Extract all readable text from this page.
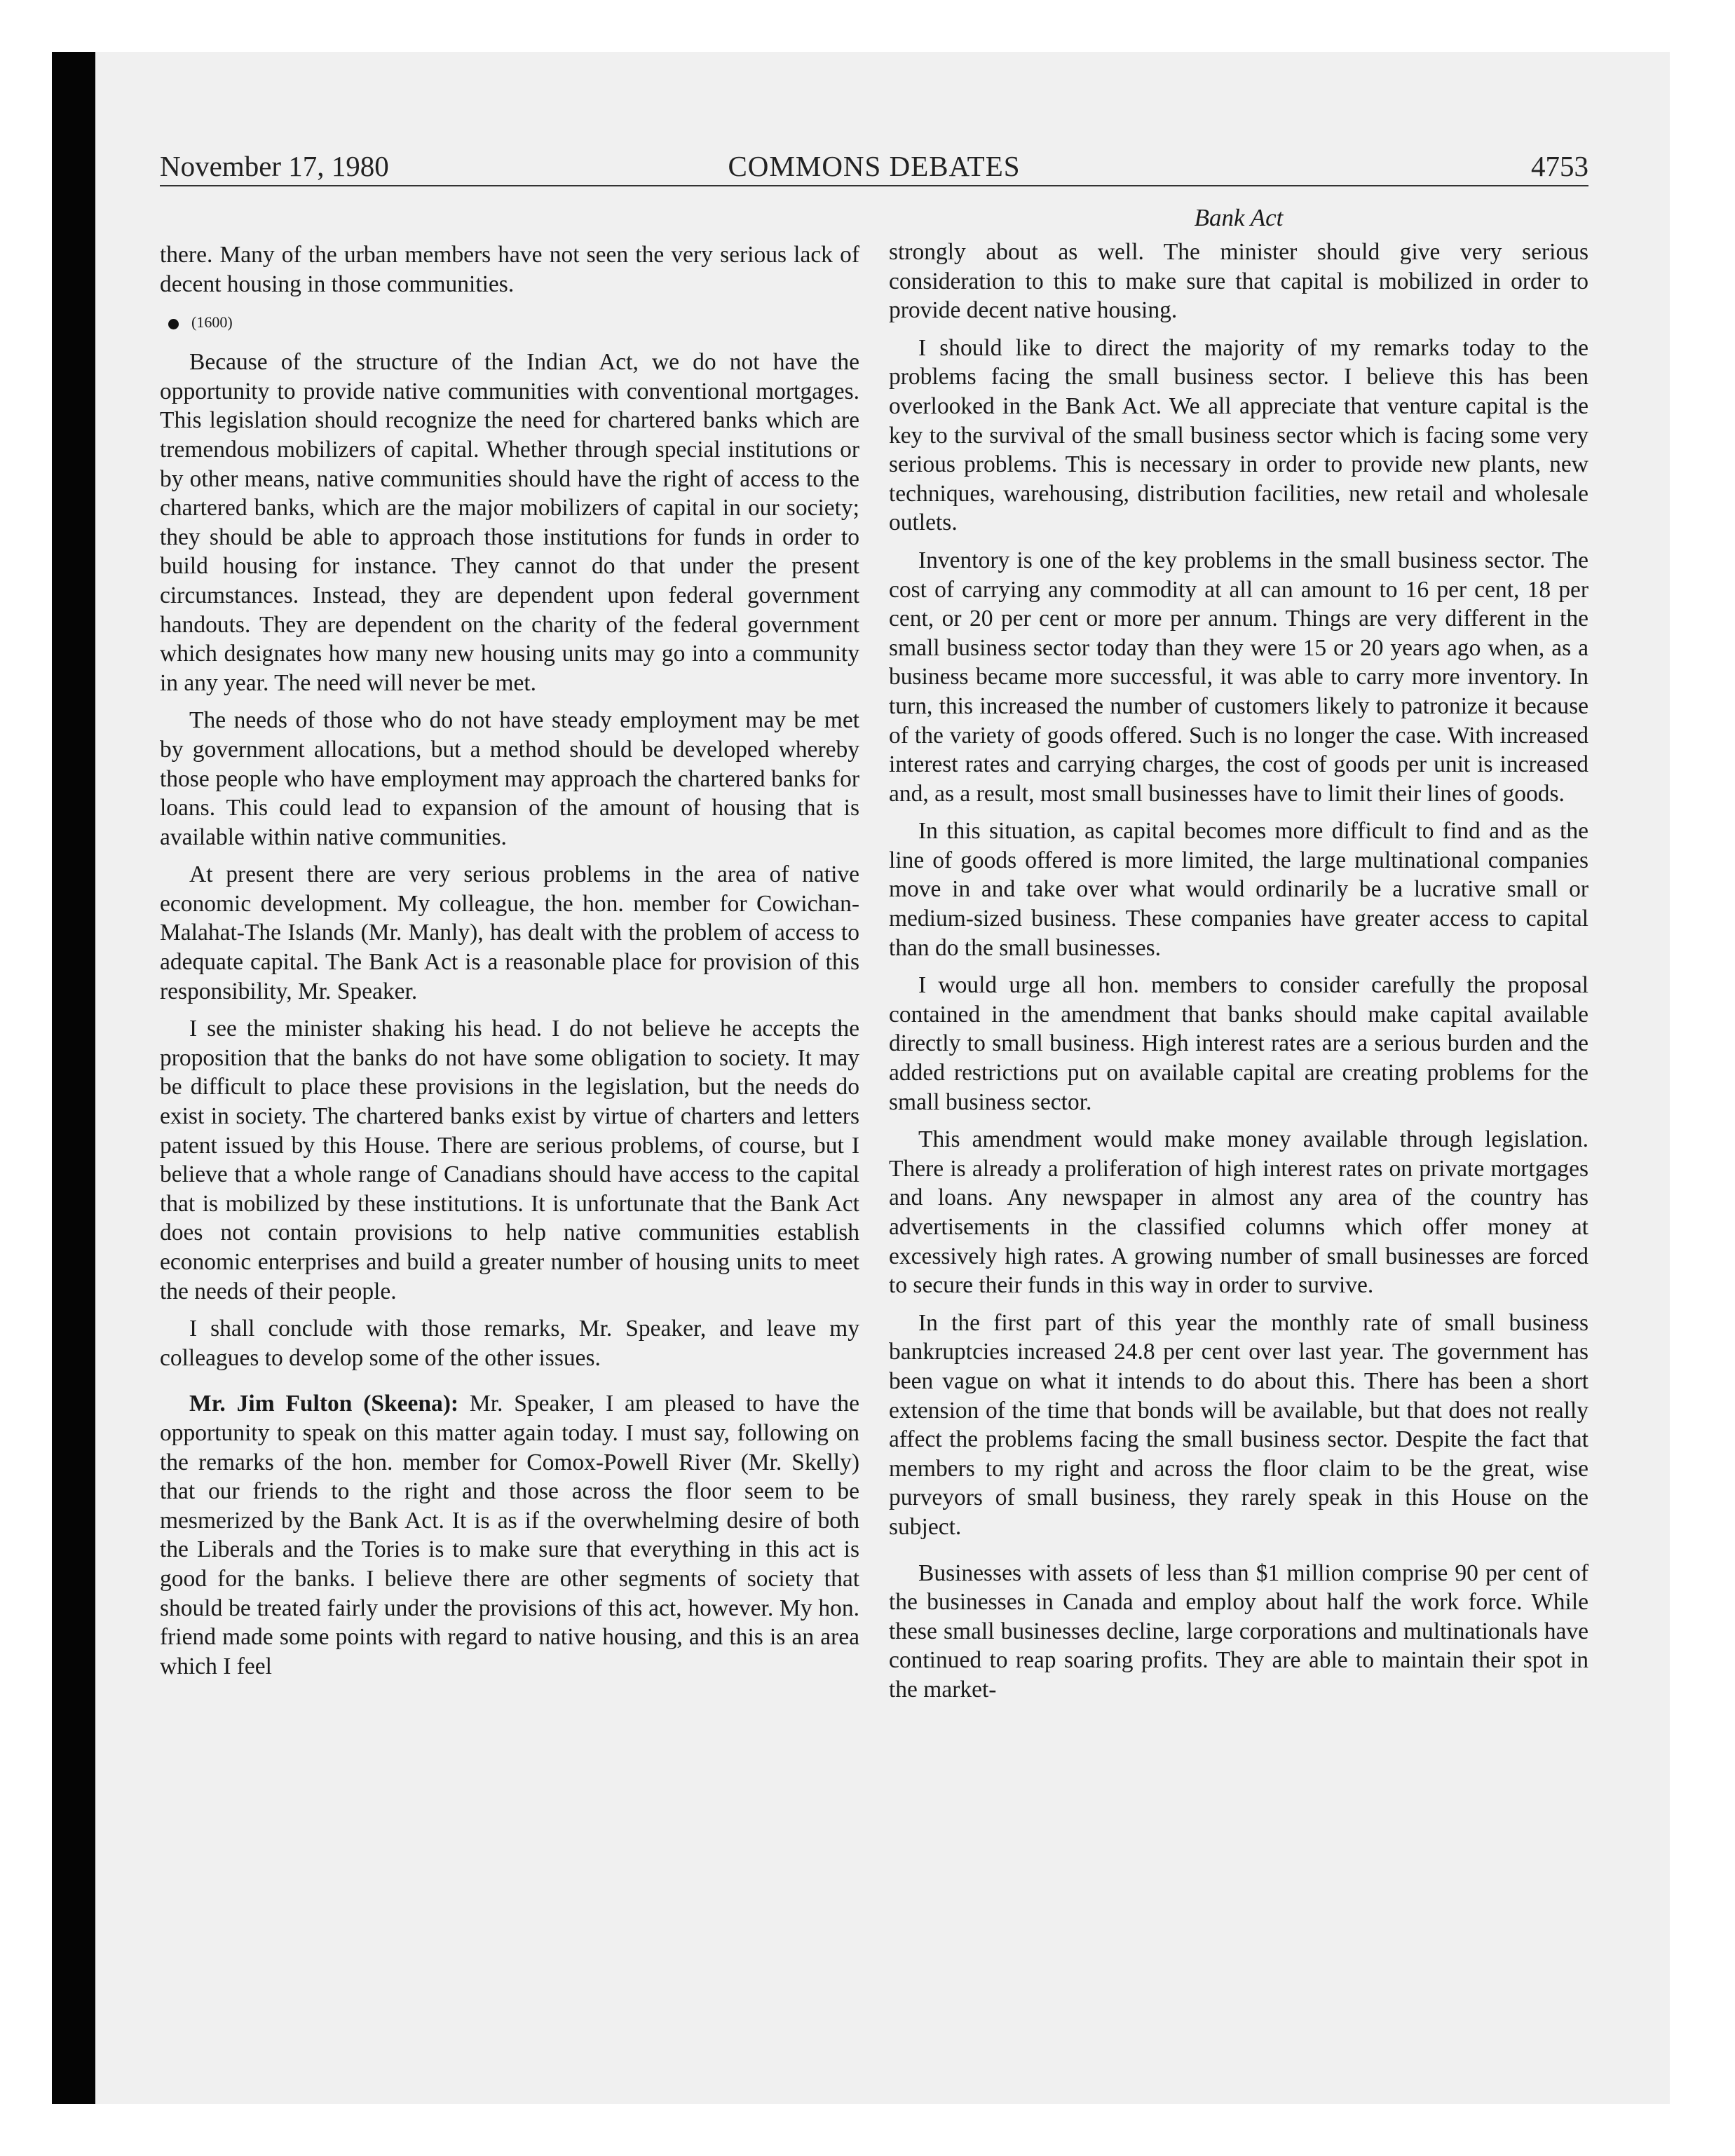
November 17, 1980	COMMONS DEBATES	4753

there. Many of the urban members have not seen the very serious lack of decent housing in those communities.

(1600)

Because of the structure of the Indian Act, we do not have the opportunity to provide native communities with conventional mortgages. This legislation should recognize the need for chartered banks which are tremendous mobilizers of capital. Whether through special institutions or by other means, native communities should have the right of access to the chartered banks, which are the major mobilizers of capital in our society; they should be able to approach those institutions for funds in order to build housing for instance. They cannot do that under the present circumstances. Instead, they are dependent upon federal government handouts. They are dependent on the charity of the federal government which designates how many new housing units may go into a community in any year. The need will never be met.

The needs of those who do not have steady employment may be met by government allocations, but a method should be developed whereby those people who have employment may approach the chartered banks for loans. This could lead to expansion of the amount of housing that is available within native communities.

At present there are very serious problems in the area of native economic development. My colleague, the hon. member for Cowichan-Malahat-The Islands (Mr. Manly), has dealt with the problem of access to adequate capital. The Bank Act is a reasonable place for provision of this responsibility, Mr. Speaker.

I see the minister shaking his head. I do not believe he accepts the proposition that the banks do not have some obligation to society. It may be difficult to place these provisions in the legislation, but the needs do exist in society. The chartered banks exist by virtue of charters and letters patent issued by this House. There are serious problems, of course, but I believe that a whole range of Canadians should have access to the capital that is mobilized by these institutions. It is unfortunate that the Bank Act does not contain provisions to help native communities establish economic enterprises and build a greater number of housing units to meet the needs of their people.

I shall conclude with those remarks, Mr. Speaker, and leave my colleagues to develop some of the other issues.

Mr. Jim Fulton (Skeena): Mr. Speaker, I am pleased to have the opportunity to speak on this matter again today. I must say, following on the remarks of the hon. member for Comox-Powell River (Mr. Skelly) that our friends to the right and those across the floor seem to be mesmerized by the Bank Act. It is as if the overwhelming desire of both the Liberals and the Tories is to make sure that everything in this act is good for the banks. I believe there are other segments of society that should be treated fairly under the provisions of this act, however. My hon. friend made some points with regard to native housing, and this is an area which I feel

Bank Act

strongly about as well. The minister should give very serious consideration to this to make sure that capital is mobilized in order to provide decent native housing.

I should like to direct the majority of my remarks today to the problems facing the small business sector. I believe this has been overlooked in the Bank Act. We all appreciate that venture capital is the key to the survival of the small business sector which is facing some very serious problems. This is necessary in order to provide new plants, new techniques, warehousing, distribution facilities, new retail and wholesale outlets.

Inventory is one of the key problems in the small business sector. The cost of carrying any commodity at all can amount to 16 per cent, 18 per cent, or 20 per cent or more per annum. Things are very different in the small business sector today than they were 15 or 20 years ago when, as a business became more successful, it was able to carry more inventory. In turn, this increased the number of customers likely to patronize it because of the variety of goods offered. Such is no longer the case. With increased interest rates and carrying charges, the cost of goods per unit is increased and, as a result, most small businesses have to limit their lines of goods.

In this situation, as capital becomes more difficult to find and as the line of goods offered is more limited, the large multinational companies move in and take over what would ordinarily be a lucrative small or medium-sized business. These companies have greater access to capital than do the small businesses.

I would urge all hon. members to consider carefully the proposal contained in the amendment that banks should make capital available directly to small business. High interest rates are a serious burden and the added restrictions put on available capital are creating problems for the small business sector.

This amendment would make money available through legislation. There is already a proliferation of high interest rates on private mortgages and loans. Any newspaper in almost any area of the country has advertisements in the classified columns which offer money at excessively high rates. A growing number of small businesses are forced to secure their funds in this way in order to survive.

In the first part of this year the monthly rate of small business bankruptcies increased 24.8 per cent over last year. The government has been vague on what it intends to do about this. There has been a short extension of the time that bonds will be available, but that does not really affect the problems facing the small business sector. Despite the fact that members to my right and across the floor claim to be the great, wise purveyors of small business, they rarely speak in this House on the subject.

Businesses with assets of less than $1 million comprise 90 per cent of the businesses in Canada and employ about half the work force. While these small businesses decline, large corporations and multinationals have continued to reap soaring profits. They are able to maintain their spot in the market-
